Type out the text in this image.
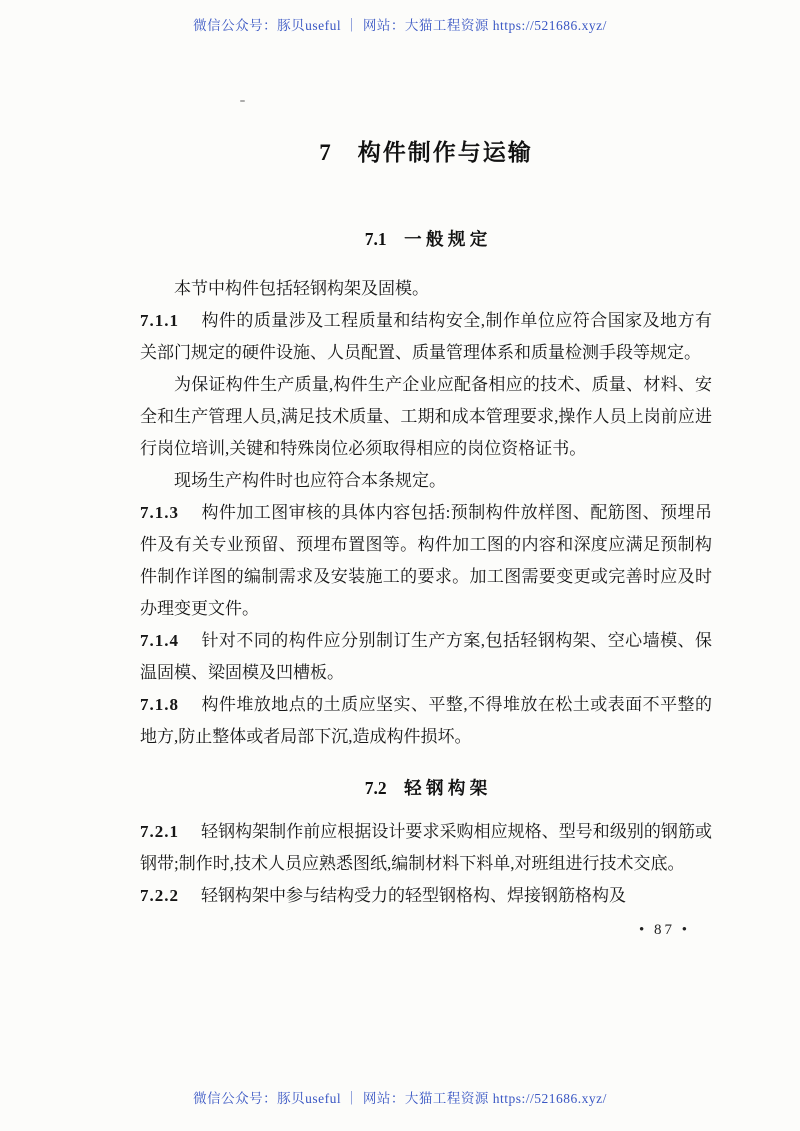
微信公众号：豚贝useful ｜ 网站：大猫工程资源 https://521686.xyz/
7　构件制作与运输
7.1　一 般 规 定

本节中构件包括轻钢构架及固模。

7.1.1 构件的质量涉及工程质量和结构安全,制作单位应符合国家及地方有关部门规定的硬件设施、人员配置、质量管理体系和质量检测手段等规定。

为保证构件生产质量,构件生产企业应配备相应的技术、质量、材料、安全和生产管理人员,满足技术质量、工期和成本管理要求,操作人员上岗前应进行岗位培训,关键和特殊岗位必须取得相应的岗位资格证书。

现场生产构件时也应符合本条规定。

7.1.3 构件加工图审核的具体内容包括:预制构件放样图、配筋图、预埋吊件及有关专业预留、预埋布置图等。构件加工图的内容和深度应满足预制构件制作详图的编制需求及安装施工的要求。加工图需要变更或完善时应及时办理变更文件。

7.1.4 针对不同的构件应分别制订生产方案,包括轻钢构架、空心墙模、保温固模、梁固模及凹槽板。

7.1.8 构件堆放地点的土质应坚实、平整,不得堆放在松土或表面不平整的地方,防止整体或者局部下沉,造成构件损坏。

7.2　轻 钢 构 架

7.2.1 轻钢构架制作前应根据设计要求采购相应规格、型号和级别的钢筋或钢带;制作时,技术人员应熟悉图纸,编制材料下料单,对班组进行技术交底。

7.2.2 轻钢构架中参与结构受力的轻型钢格构、焊接钢筋格构及

• 87 •
微信公众号：豚贝useful ｜ 网站：大猫工程资源 https://521686.xyz/
